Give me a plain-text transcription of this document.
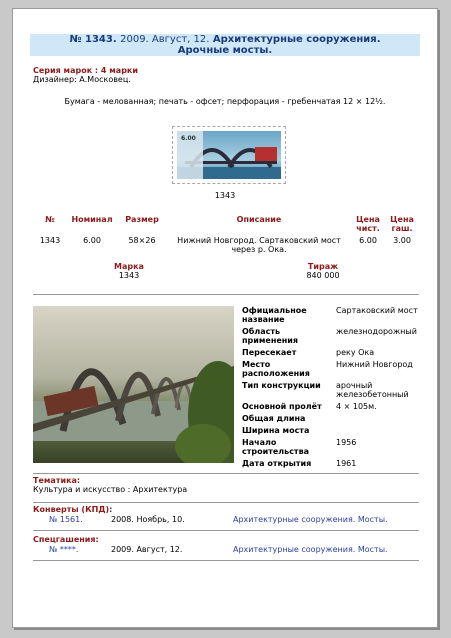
№ 1343. 2009. Август, 12. Архитектурные сооружения.
Арочные мосты.
Серия марок : 4 марки
Дизайнер: А.Московец.
Бумага - мелованная; печать - офсет; перфорация - гребенчатая 12 × 12½.
6.00
1343
№	Номинал	Размер	Описание	Цена чист.	Цена гаш.
1343	6.00	58×26	Нижний Новгород. Сартаковский мост через р. Ока.	6.00	3.00
Марка
1343
Тираж
840 000
Официальное название	Сартаковский мост
Область применения	железнодорожный
Пересекает	реку Ока
Место расположения	Нижний Новгород
Тип конструкции	арочный железобетонный
Основной пролёт	4 × 105м.
Общая длина	
Ширина моста	
Начало строительства	1956
Дата открытия	1961
Тематика:
Культура и искусство : Архитектура
Конверты (КПД):
№ 1561.	2008. Ноябрь, 10.	Архитектурные сооружения. Мосты.
Спецгашения:
№ ****.	2009. Август, 12.	Архитектурные сооружения. Мосты.
